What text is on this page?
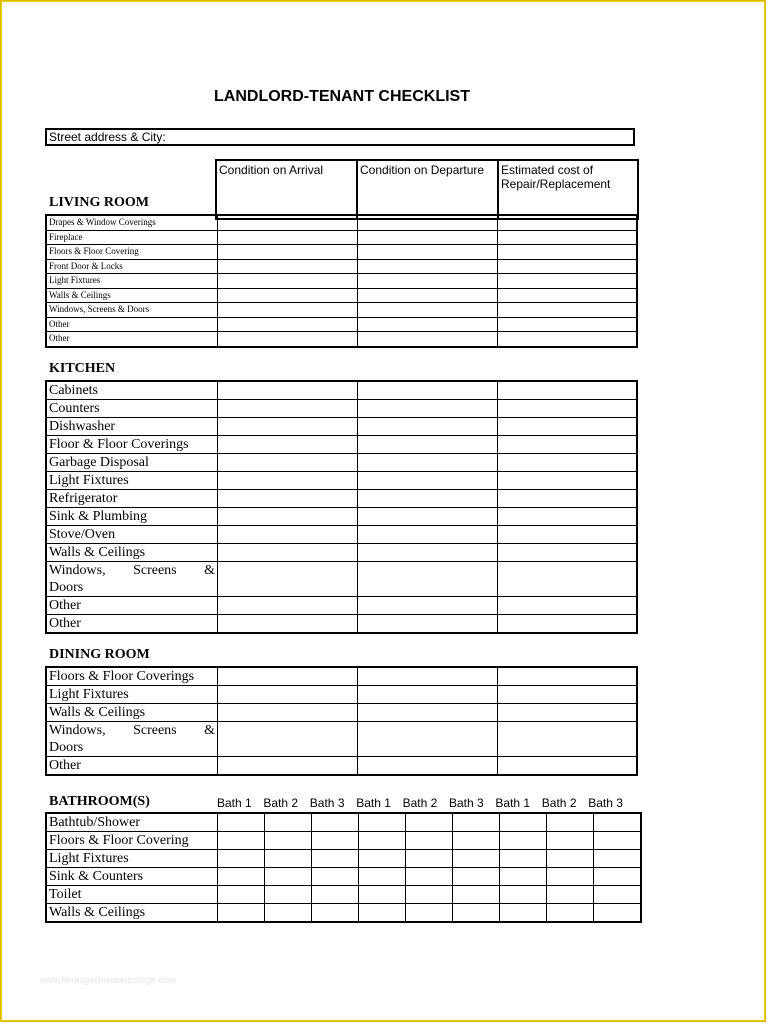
LANDLORD-TENANT CHECKLIST
Street address & City:
Condition on Arrival	Condition on Departure	Estimated cost of Repair/Replacement
LIVING ROOM
Drapes & Window Coverings			
Fireplace			
Floors & Floor Covering			
Front Door & Locks			
Light Fixtures			
Walls & Ceilings			
Windows, Screens & Doors			
Other			
Other			
KITCHEN
Cabinets			
Counters			
Dishwasher			
Floor & Floor Coverings			
Garbage Disposal			
Light Fixtures			
Refrigerator			
Sink & Plumbing			
Stove/Oven			
Walls & Ceilings			

Windows, Screens &
Doors			

Other			
Other			
DINING ROOM
Floors & Floor Coverings			
Light Fixtures			
Walls & Ceilings			

Windows, Screens &
Doors			

Other			
BATHROOM(S)	Bath 1 Bath 2 Bath 3 Bath 1 Bath 2 Bath 3 Bath 1 Bath 2 Bath 3
Bathtub/Shower									
Floors & Floor Covering									
Light Fixtures									
Sink & Counters									
Toilet									
Walls & Ceilings									
www.heritagechristiancollege.com
